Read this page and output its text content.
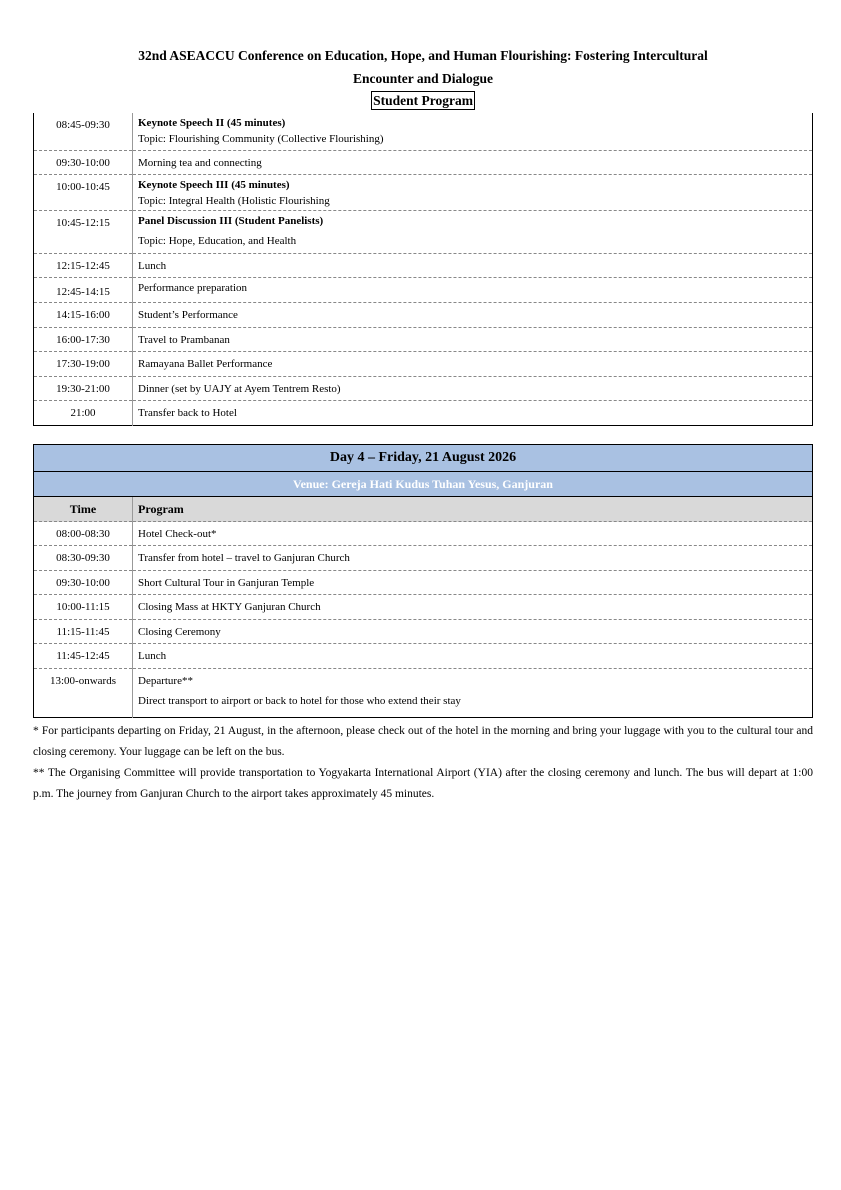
32nd ASEACCU Conference on Education, Hope, and Human Flourishing: Fostering Intercultural
Encounter and Dialogue
Student Program
08:45-09:30	Keynote Speech II (45 minutes)
Topic: Flourishing Community (Collective Flourishing)

09:30-10:00	Morning tea and connecting

10:00-10:45	Keynote Speech III (45 minutes)
Topic: Integral Health (Holistic Flourishing

10:45-12:15	Panel Discussion III (Student Panelists)
Topic: Hope, Education, and Health

12:15-12:45	Lunch

12:45-14:15	Performance preparation

14:15-16:00	Student’s Performance

16:00-17:30	Travel to Prambanan

17:30-19:00	Ramayana Ballet Performance

19:30-21:00	Dinner (set by UAJY at Ayem Tentrem Resto)

21:00	Transfer back to Hotel
Day 4 – Friday, 21 August 2026	
Venue: Gereja Hati Kudus Tuhan Yesus, Ganjuran	
Time	Program

08:00-08:30	Hotel Check-out*

08:30-09:30	Transfer from hotel – travel to Ganjuran Church

09:30-10:00	Short Cultural Tour in Ganjuran Temple

10:00-11:15	Closing Mass at HKTY Ganjuran Church

11:15-11:45	Closing Ceremony

11:45-12:45	Lunch

13:00-onwards	Departure**
Direct transport to airport or back to hotel for those who extend their stay

* For participants departing on Friday, 21 August, in the afternoon, please check out of the hotel in the morning and bring your luggage with you to the cultural tour and closing ceremony. Your luggage can be left on the bus.

** The Organising Committee will provide transportation to Yogyakarta International Airport (YIA) after the closing ceremony and lunch. The bus will depart at 1:00 p.m. The journey from Ganjuran Church to the airport takes approximately 45 minutes.
